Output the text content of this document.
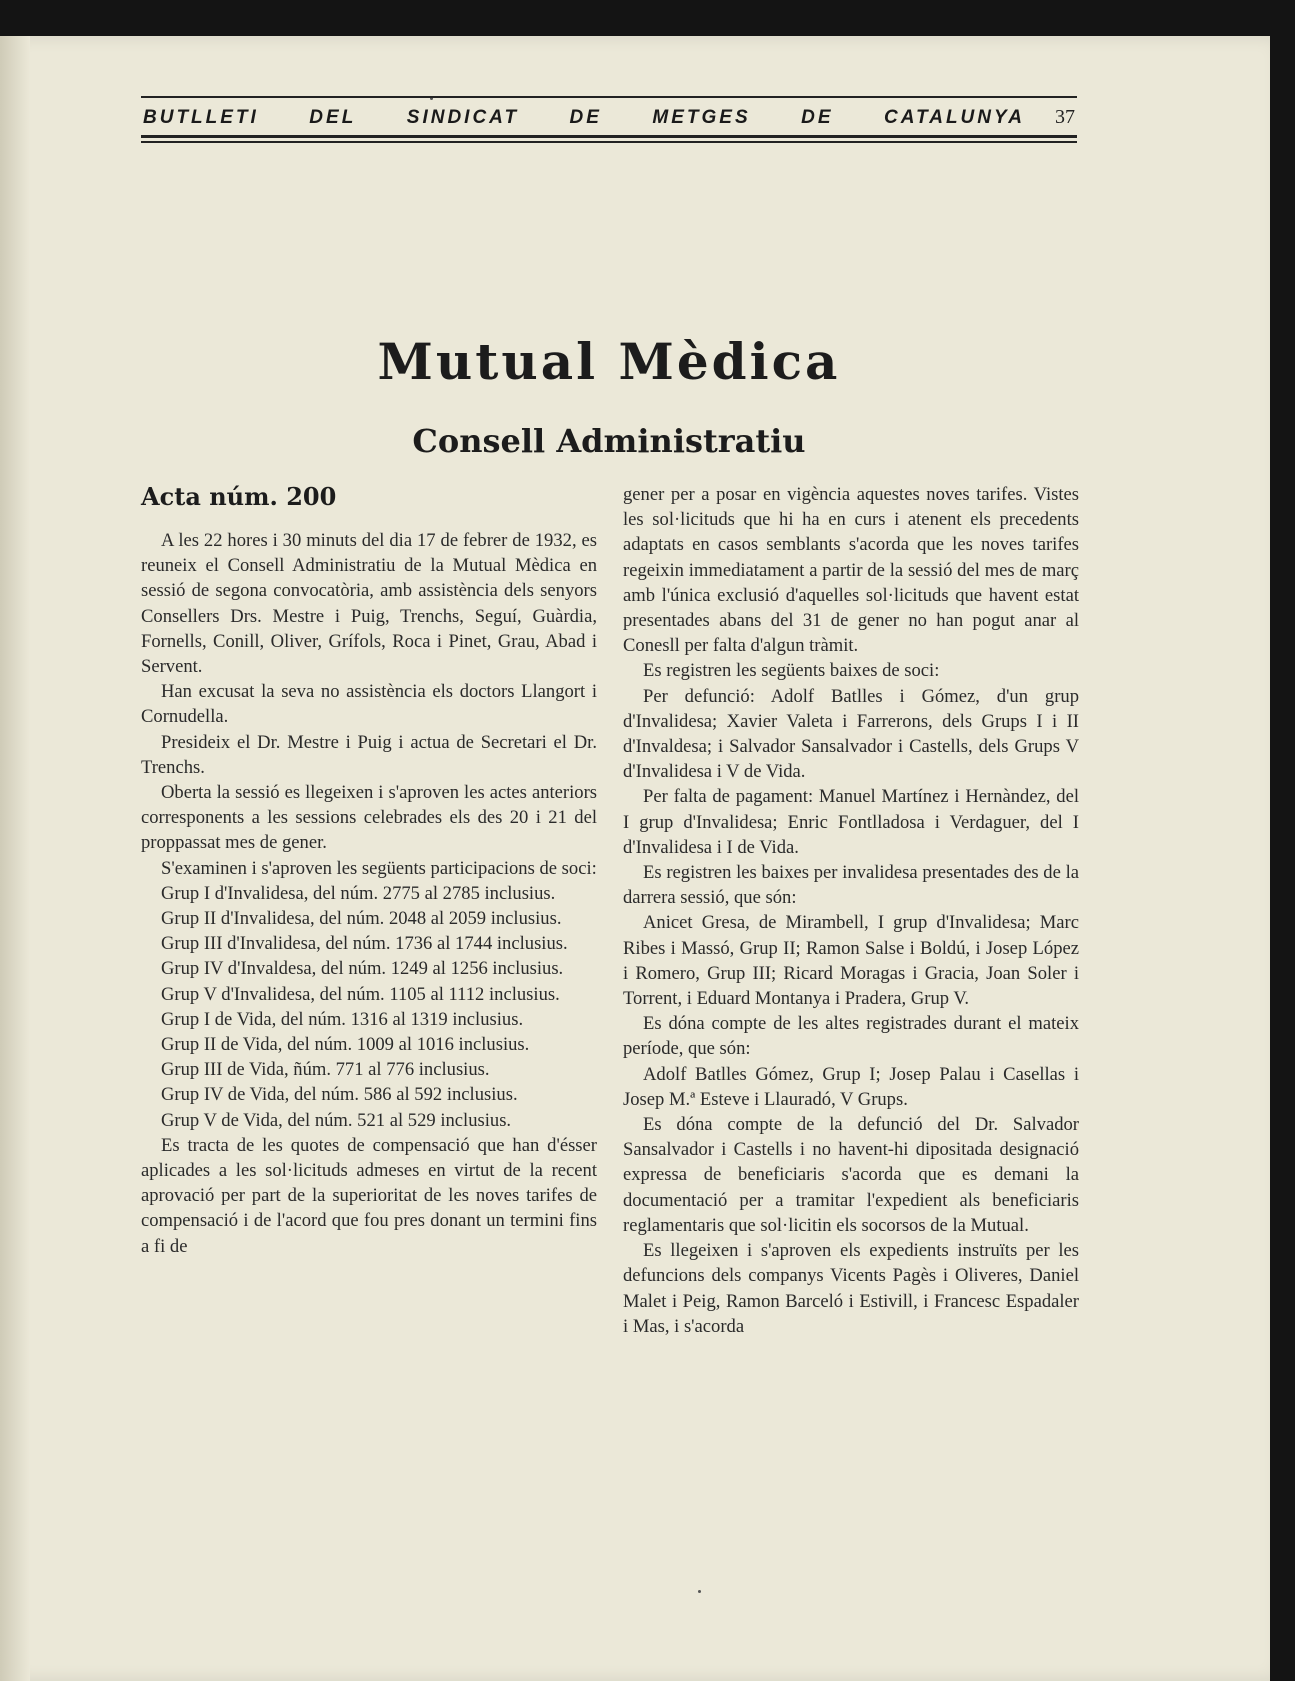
BUTLLETI	DEL	SINDICAT	DE	METGES	DE	CATALUNYA 37
Mutual Mèdica
Consell Administratiu
Acta núm. 200

A les 22 hores i 30 minuts del dia 17 de febrer de 1932, es reuneix el Consell Administratiu de la Mutual Mèdica en sessió de segona convocatòria, amb assistència dels senyors Consellers Drs. Mestre i Puig, Trenchs, Seguí, Guàrdia, Fornells, Conill, Oliver, Grífols, Roca i Pinet, Grau, Abad i Servent.

Han excusat la seva no assistència els doctors Llangort i Cornudella.

Presideix el Dr. Mestre i Puig i actua de Secretari el Dr. Trenchs.

Oberta la sessió es llegeixen i s'aproven les actes anteriors corresponents a les sessions celebrades els des 20 i 21 del proppassat mes de gener.

S'examinen i s'aproven les següents participacions de soci:

Grup I d'Invalidesa, del núm. 2775 al 2785 inclusius.

Grup II d'Invalidesa, del núm. 2048 al 2059 inclusius.

Grup III d'Invalidesa, del núm. 1736 al 1744 inclusius.

Grup IV d'Invaldesa, del núm. 1249 al 1256 inclusius.

Grup V d'Invalidesa, del núm. 1105 al 1112 inclusius.

Grup I de Vida, del núm. 1316 al 1319 inclusius.

Grup II de Vida, del núm. 1009 al 1016 inclusius.

Grup III de Vida, ñúm. 771 al 776 inclusius.

Grup IV de Vida, del núm. 586 al 592 inclusius.

Grup V de Vida, del núm. 521 al 529 inclusius.

Es tracta de les quotes de compensació que han d'ésser aplicades a les sol·licituds admeses en virtut de la recent aprovació per part de la superioritat de les noves tarifes de compensació i de l'acord que fou pres donant un termini fins a fi de

gener per a posar en vigència aquestes noves tarifes. Vistes les sol·licituds que hi ha en curs i atenent els precedents adaptats en casos semblants s'acorda que les noves tarifes regeixin immediatament a partir de la sessió del mes de març amb l'única exclusió d'aquelles sol·licituds que havent estat presentades abans del 31 de gener no han pogut anar al Conesll per falta d'algun tràmit.

Es registren les següents baixes de soci:

Per defunció: Adolf Batlles i Gómez, d'un grup d'Invalidesa; Xavier Valeta i Farrerons, dels Grups I i II d'Invaldesa; i Salvador Sansalvador i Castells, dels Grups V d'Invalidesa i V de Vida.

Per falta de pagament: Manuel Martínez i Hernàndez, del I grup d'Invalidesa; Enric Fontlladosa i Verdaguer, del I d'Invalidesa i I de Vida.

Es registren les baixes per invalidesa presentades des de la darrera sessió, que són:

Anicet Gresa, de Mirambell, I grup d'Invalidesa; Marc Ribes i Massó, Grup II; Ramon Salse i Boldú, i Josep López i Romero, Grup III; Ricard Moragas i Gracia, Joan Soler i Torrent, i Eduard Montanya i Pradera, Grup V.

Es dóna compte de les altes registrades durant el mateix període, que són:

Adolf Batlles Gómez, Grup I; Josep Palau i Casellas i Josep M.ª Esteve i Llauradó, V Grups.

Es dóna compte de la defunció del Dr. Salvador Sansalvador i Castells i no havent-hi dipositada designació expressa de beneficiaris s'acorda que es demani la documentació per a tramitar l'expedient als beneficiaris reglamentaris que sol·licitin els socorsos de la Mutual.

Es llegeixen i s'aproven els expedients instruïts per les defuncions dels companys Vicents Pagès i Oliveres, Daniel Malet i Peig, Ramon Barceló i Estivill, i Francesc Espadaler i Mas, i s'acorda
